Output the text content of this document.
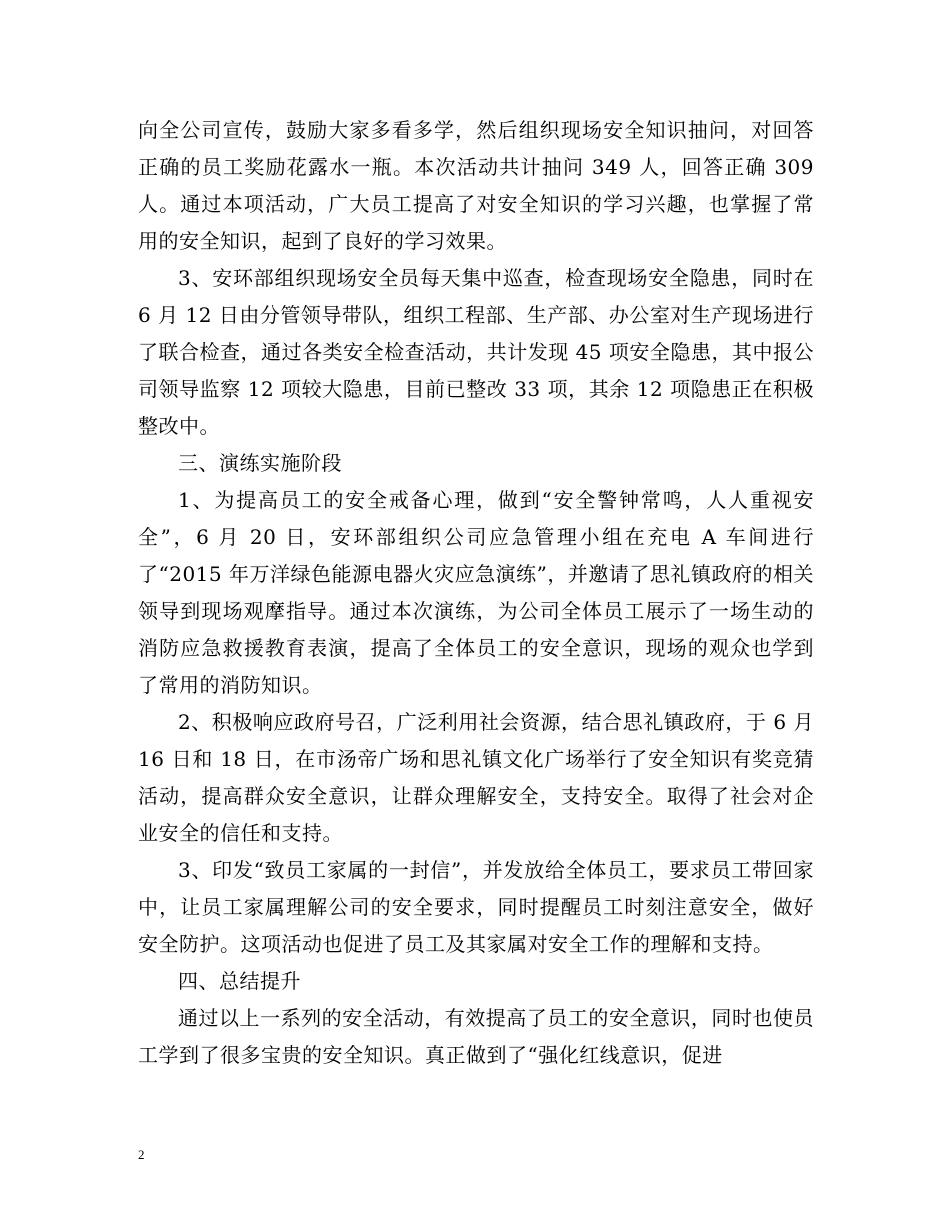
向全公司宣传，鼓励大家多看多学，然后组织现场安全知识抽问，对回答正确的员工奖励花露水一瓶。本次活动共计抽问 349 人，回答正确 309 人。通过本项活动，广大员工提高了对安全知识的学习兴趣，也掌握了常用的安全知识，起到了良好的学习效果。

3、安环部组织现场安全员每天集中巡查，检查现场安全隐患，同时在 6 月 12 日由分管领导带队，组织工程部、生产部、办公室对生产现场进行了联合检查，通过各类安全检查活动，共计发现 45 项安全隐患，其中报公司领导监察 12 项较大隐患，目前已整改 33 项，其余 12 项隐患正在积极整改中。

三、演练实施阶段

1、为提高员工的安全戒备心理，做到“安全警钟常鸣，人人重视安全”，6 月 20 日，安环部组织公司应急管理小组在充电 A 车间进行了“2015 年万洋绿色能源电器火灾应急演练”，并邀请了思礼镇政府的相关领导到现场观摩指导。通过本次演练，为公司全体员工展示了一场生动的消防应急救援教育表演，提高了全体员工的安全意识，现场的观众也学到了常用的消防知识。

2、积极响应政府号召，广泛利用社会资源，结合思礼镇政府，于 6 月 16 日和 18 日，在市汤帝广场和思礼镇文化广场举行了安全知识有奖竞猜活动，提高群众安全意识，让群众理解安全，支持安全。取得了社会对企业安全的信任和支持。

3、印发“致员工家属的一封信”，并发放给全体员工，要求员工带回家中，让员工家属理解公司的安全要求，同时提醒员工时刻注意安全，做好安全防护。这项活动也促进了员工及其家属对安全工作的理解和支持。

四、总结提升

通过以上一系列的安全活动，有效提高了员工的安全意识，同时也使员工学到了很多宝贵的安全知识。真正做到了“强化红线意识，促进

2
